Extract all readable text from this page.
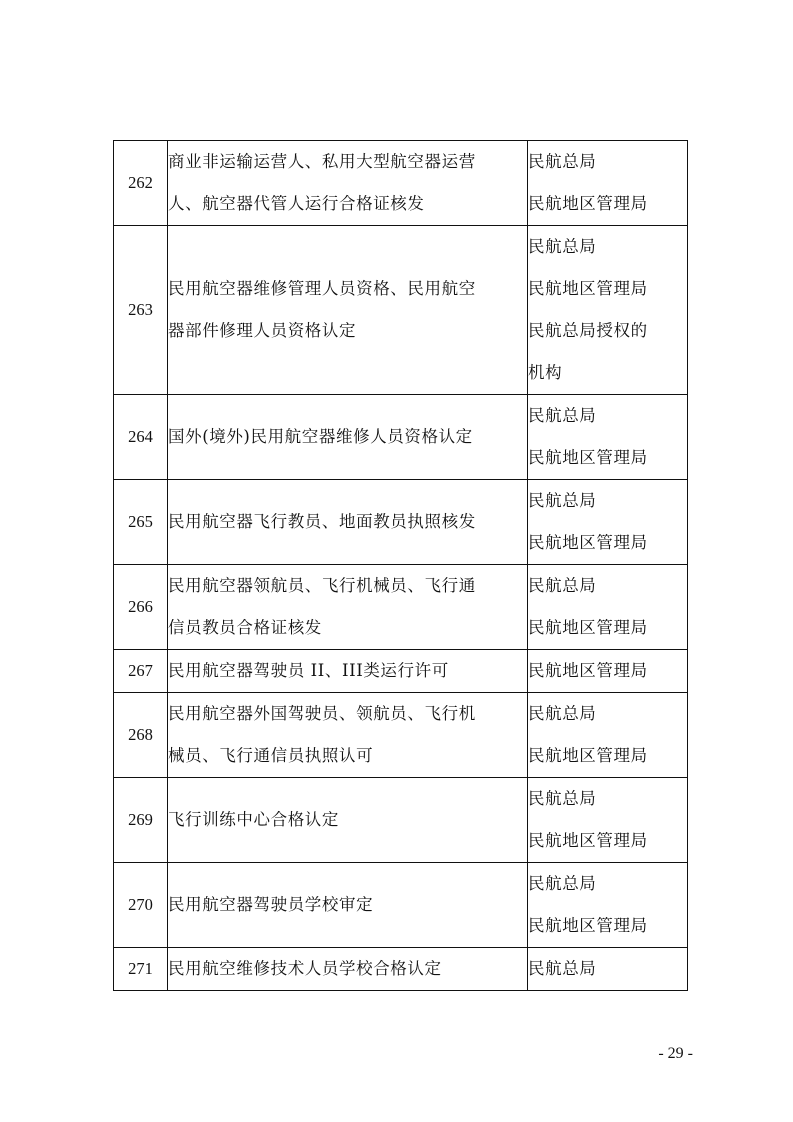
262	商业非运输运营人、私用大型航空器运营
人、航空器代管人运行合格证核发	民航总局
民航地区管理局

263	民用航空器维修管理人员资格、民用航空
器部件修理人员资格认定	民航总局
民航地区管理局
民航总局授权的
机构

264	国外(境外)民用航空器维修人员资格认定	民航总局
民航地区管理局

265	民用航空器飞行教员、地面教员执照核发	民航总局
民航地区管理局

266	民用航空器领航员、飞行机械员、飞行通
信员教员合格证核发	民航总局
民航地区管理局

267	民用航空器驾驶员 II、III类运行许可	民航地区管理局

268	民用航空器外国驾驶员、领航员、飞行机
械员、飞行通信员执照认可	民航总局
民航地区管理局

269	飞行训练中心合格认定	民航总局
民航地区管理局

270	民用航空器驾驶员学校审定	民航总局
民航地区管理局

271	民用航空维修技术人员学校合格认定	民航总局
- 29 -
